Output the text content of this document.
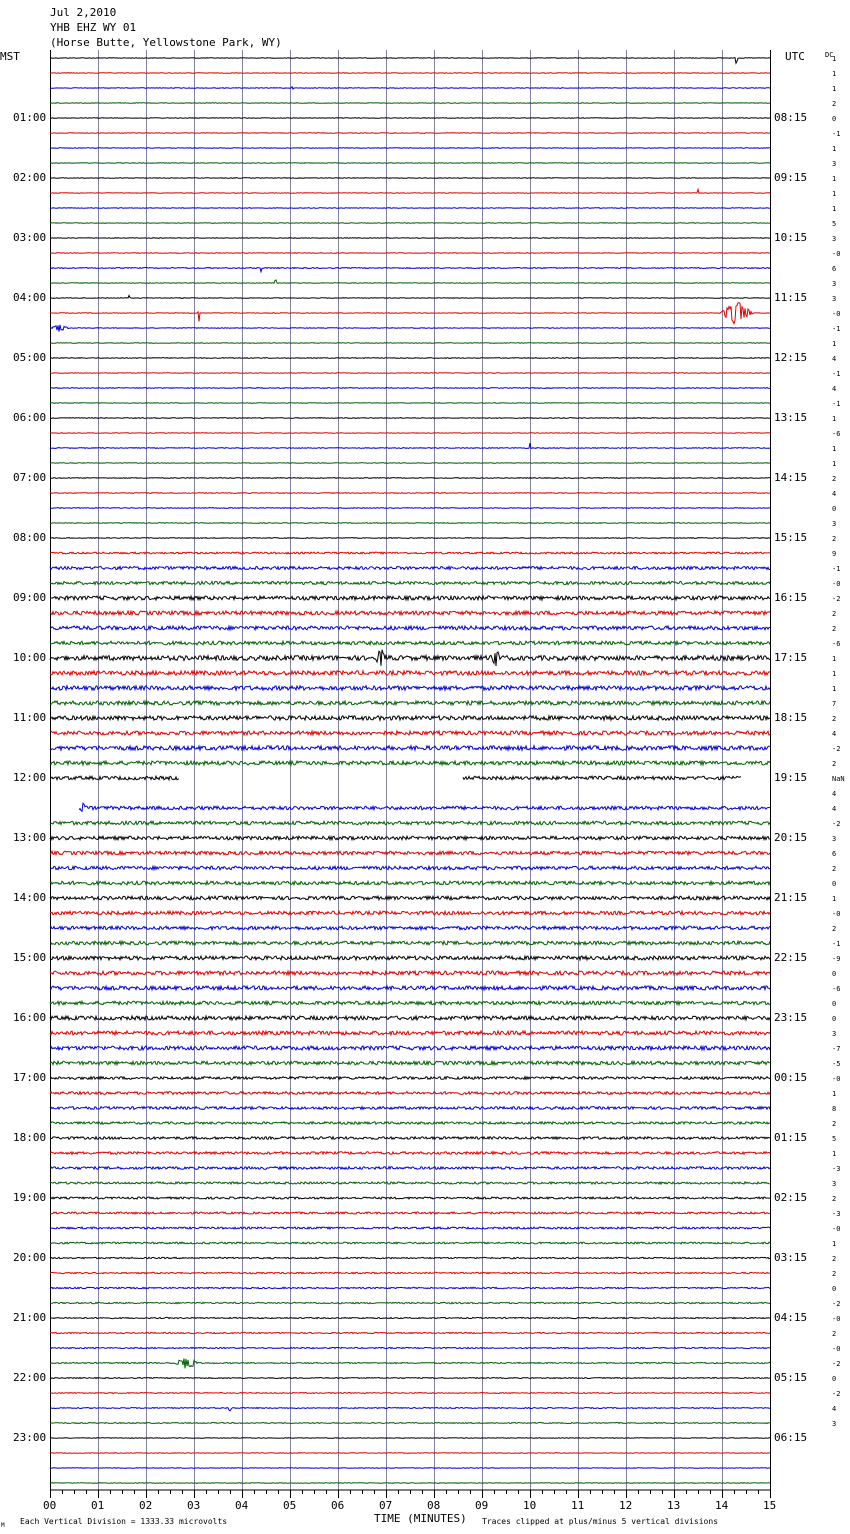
Jul 2,2010
YHB EHZ WY 01
(Horse Butte, Yellowstone Park, WY)
MST	UTC	DC
1
1
1
2
0
-1
1
3
1
1
1
5
3
-0
6
3
3
-0
-1
1
4
-1
4
-1
1
-6
1
1
2
4
0
3
2
9
-1
-0
-2
2
2
-6
1
1
1
7
2
4
-2
2
NaN
4
4
-2
3
6
2
0
1
-0
2
-1
-9
0
-6
0
0
3
-7
-5
-0
1
8
2
5
1
-3
3
2
-3
-0
1
2
2
0
-2
-0
2
-0
-2
0
-2
4
3
01:00	08:15
02:00	09:15
03:00	10:15
04:00	11:15
05:00	12:15
06:00	13:15
07:00	14:15
08:00	15:15
09:00	16:15
10:00	17:15
11:00	18:15
12:00	19:15
13:00	20:15
14:00	21:15
15:00	22:15
16:00	23:15
17:00	00:15
18:00	01:15
19:00	02:15
20:00	03:15
21:00	04:15
22:00	05:15
23:00	06:15
00	01	02	03	04	05	06	07	08	09	10	11	12	13	14	15
M Each Vertical Division = 1333.33 microvolts	TIME (MINUTES) Traces clipped at plus/minus 5 vertical divisions
